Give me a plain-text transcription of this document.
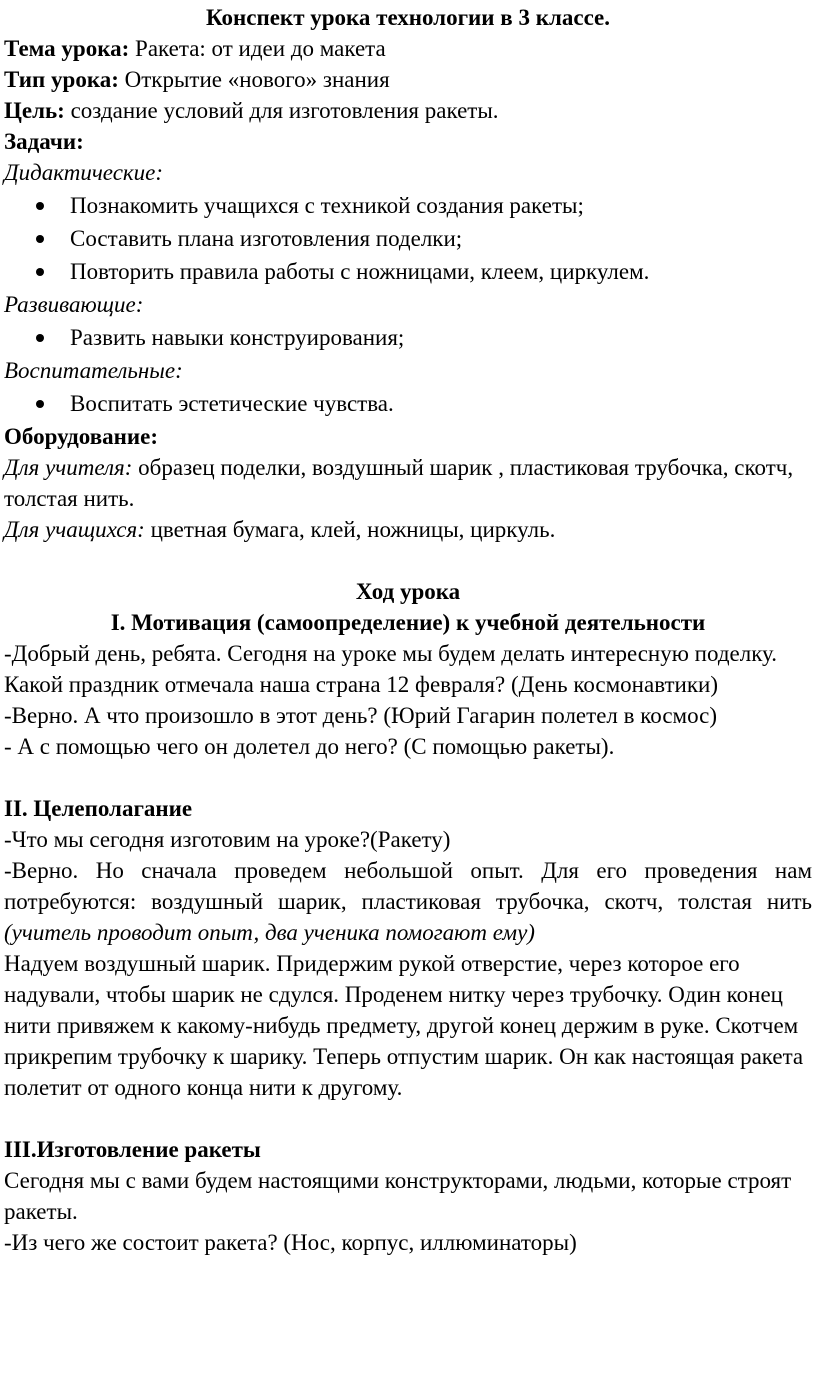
Конспект урока технологии в 3 классе.

Тема урока: Ракета: от идеи до макета

Тип урока: Открытие «нового» знания

Цель: создание условий для изготовления ракеты.

Задачи:

Дидактические:

Познакомить учащихся с техникой создания ракеты;
Составить плана изготовления поделки;
Повторить правила работы с ножницами, клеем, циркулем.

Развивающие:

Развить навыки конструирования;

Воспитательные:

Воспитать эстетические чувства.

Оборудование:

Для учителя: образец поделки, воздушный шарик , пластиковая трубочка, скотч, толстая нить.

Для учащихся: цветная бумага, клей, ножницы, циркуль.

Ход урока

I. Мотивация (самоопределение) к учебной деятельности

-Добрый день, ребята. Сегодня на уроке мы будем делать интересную поделку. Какой праздник отмечала наша страна 12 февраля? (День космонавтики)

-Верно. А что произошло в этот день? (Юрий Гагарин полетел в космос)

- А с помощью чего он долетел до него? (С помощью ракеты).

II. Целеполагание

-Что мы сегодня изготовим на уроке?(Ракету)

-Верно. Но сначала проведем небольшой опыт. Для его проведения нам потребуются: воздушный шарик, пластиковая трубочка, скотч, толстая нить (учитель проводит опыт, два ученика помогают ему)

Надуем воздушный шарик. Придержим рукой отверстие, через которое его надували, чтобы шарик не сдулся. Проденем нитку через трубочку. Один конец нити привяжем к какому-нибудь предмету, другой конец держим в руке. Скотчем прикрепим трубочку к шарику. Теперь отпустим шарик. Он как настоящая ракета полетит от одного конца нити к другому.

III.Изготовление ракеты

Сегодня мы с вами будем настоящими конструкторами, людьми, которые строят ракеты.

-Из чего же состоит ракета? (Нос, корпус, иллюминаторы)
